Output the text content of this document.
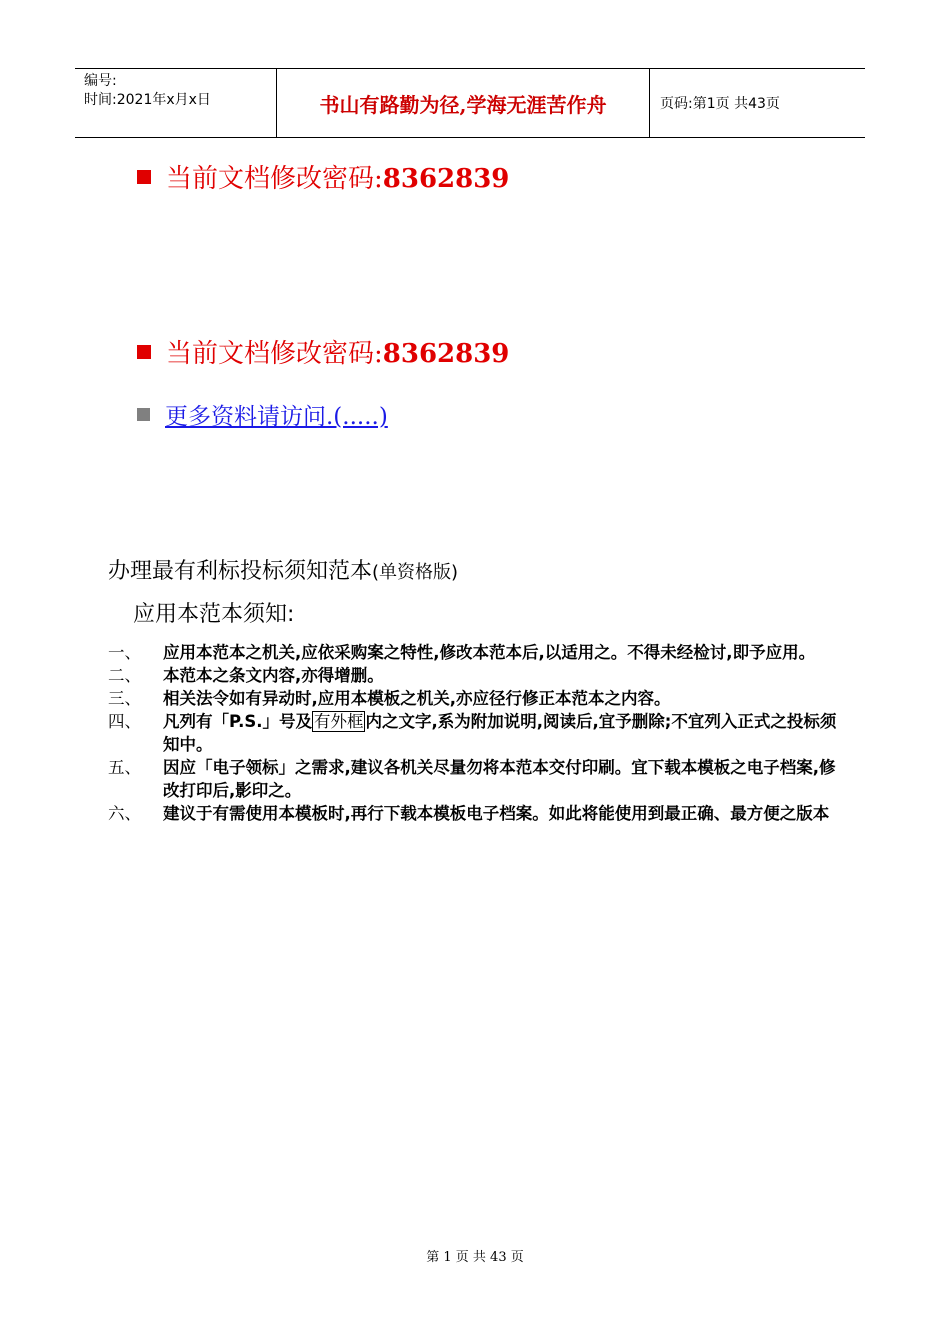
编号:
时间:2021年x月x日	书山有路勤为径,学海无涯苦作舟	页码:第1页 共43页
当前文档修改密码:8362839
当前文档修改密码:8362839
更多资料请访问.(.....)
办理最有利标投标须知范本(单资格版)
应用本范本须知:
一、	应用本范本之机关,应依采购案之特性,修改本范本后,以适用之。不得未经检讨,即予应用。
二、	本范本之条文内容,亦得增删。
三、	相关法令如有异动时,应用本模板之机关,亦应径行修正本范本之内容。
四、	凡列有「P.S.」号及 有外框 内之文字,系为附加说明,阅读后,宜予删除;不宜列入正式之投标须知中。
五、	因应「电子领标」之需求,建议各机关尽量勿将本范本交付印刷。宜下载本模板之电子档案,修改打印后,影印之。
六、	建议于有需使用本模板时,再行下载本模板电子档案。如此将能使用到最正确、最方便之版本
第 1 页 共 43 页
